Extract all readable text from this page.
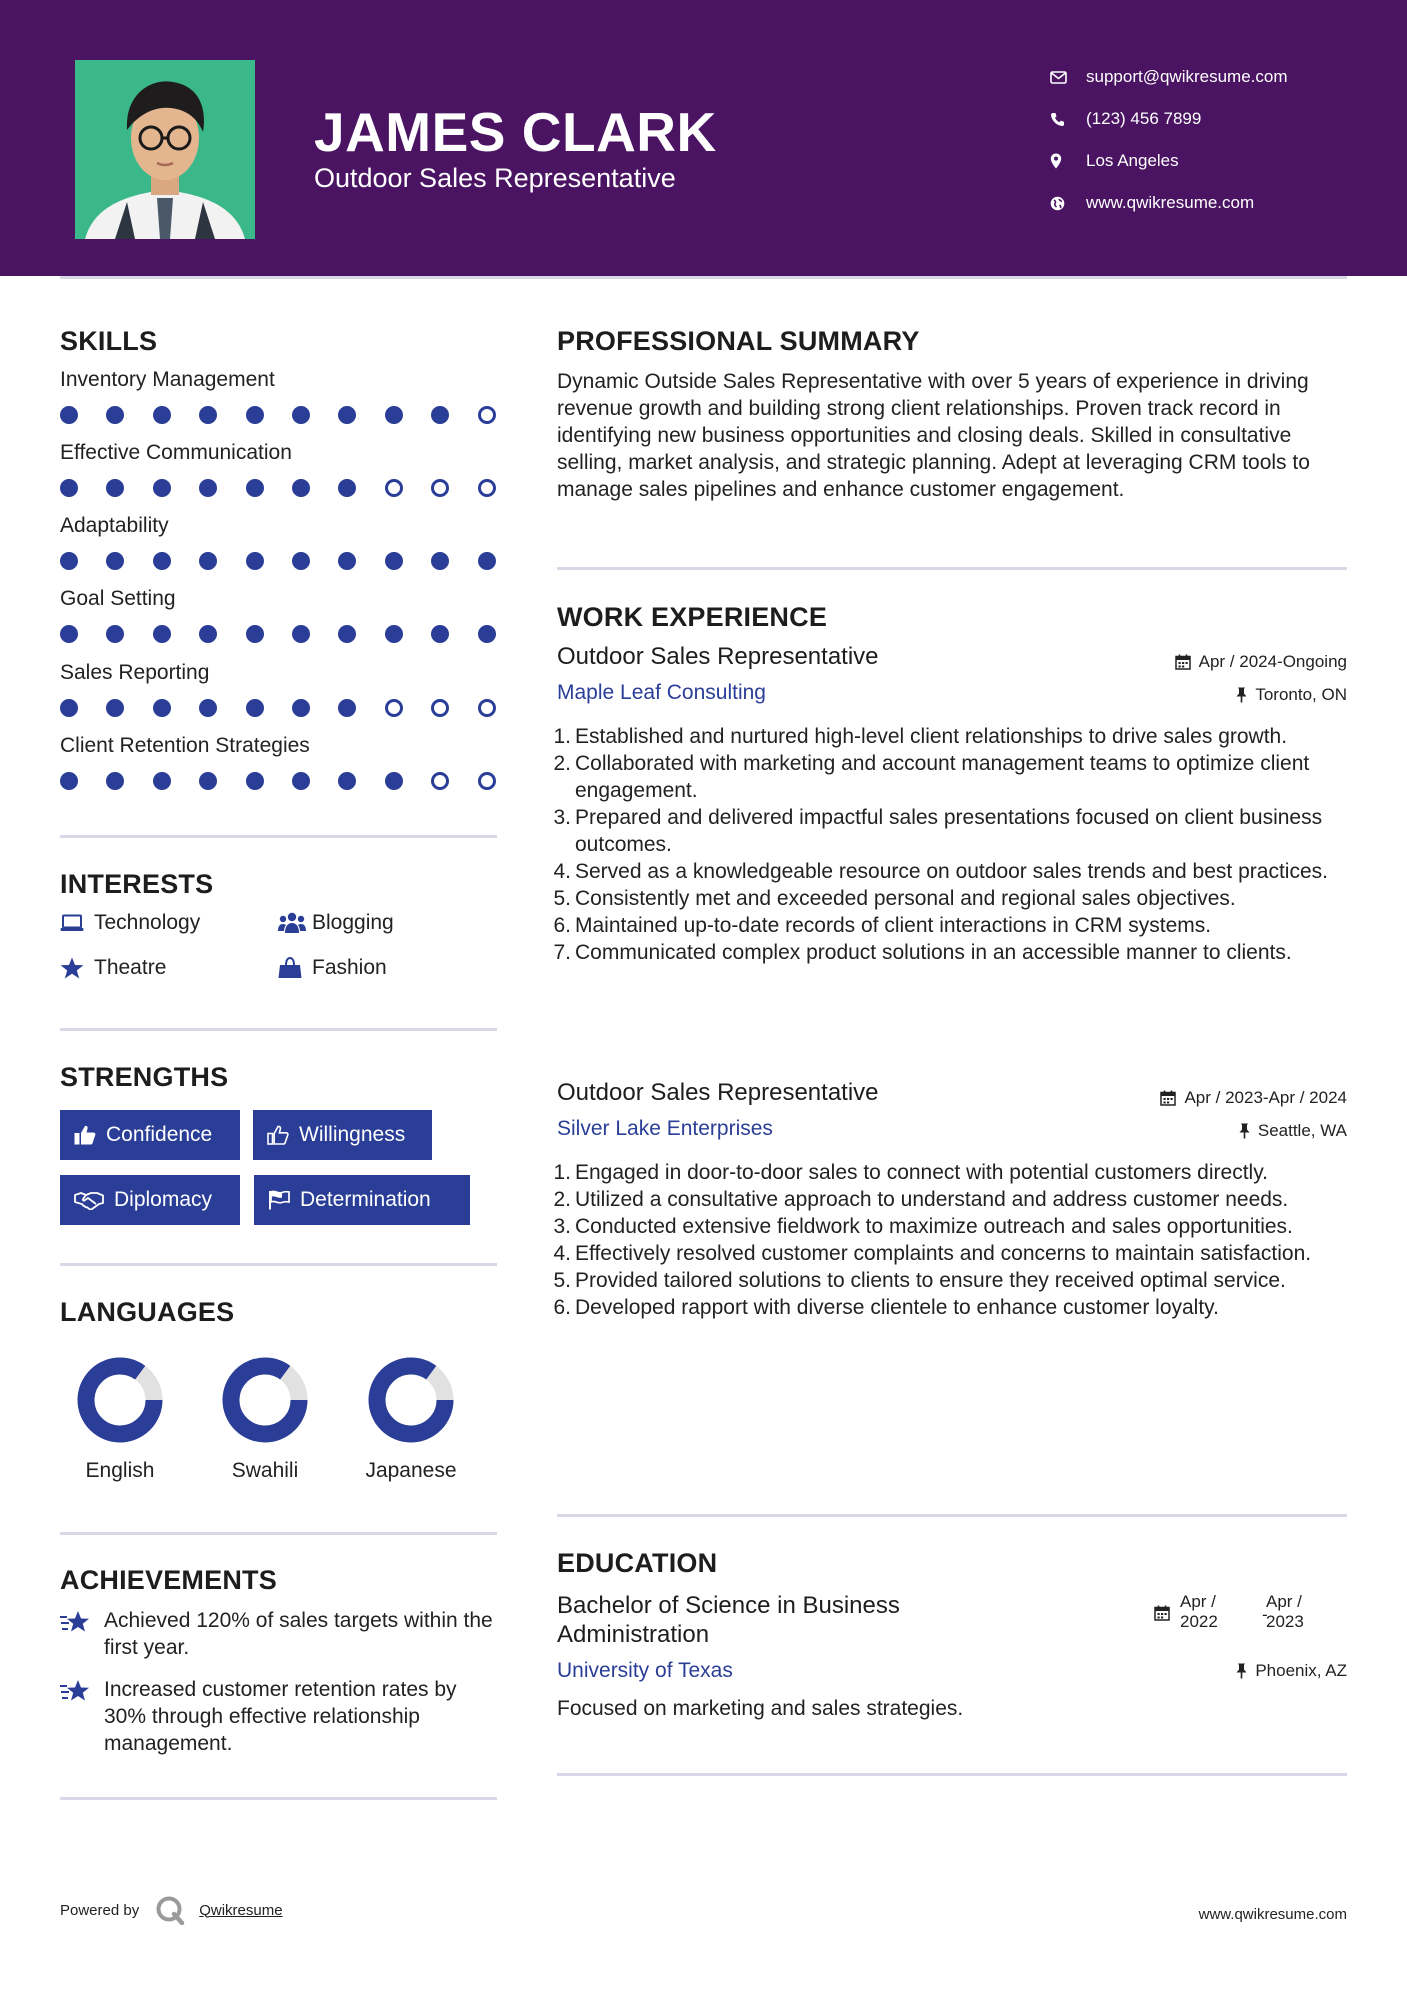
JAMES CLARK
Outdoor Sales Representative
support@qwikresume.com
(123) 456 7899
Los Angeles
www.qwikresume.com
SKILLS
Inventory Management
Effective Communication
Adaptability
Goal Setting
Sales Reporting
Client Retention Strategies
INTERESTS
Technology	Blogging
Theatre	Fashion
STRENGTHS
Confidence	Willingness
Diplomacy	Determination
LANGUAGES
English	Swahili	Japanese
ACHIEVEMENTS
Achieved 120% of sales targets within the first year.
Increased customer retention rates by 30% through effective relationship management.
PROFESSIONAL SUMMARY
Dynamic Outside Sales Representative with over 5 years of experience in driving revenue growth and building strong client relationships. Proven track record in identifying new business opportunities and closing deals. Skilled in consultative selling, market analysis, and strategic planning. Adept at leveraging CRM tools to manage sales pipelines and enhance customer engagement.
WORK EXPERIENCE
Outdoor Sales Representative	Apr / 2024-Ongoing
Maple Leaf Consulting	Toronto, ON
1. Established and nurtured high-level client relationships to drive sales growth.
2. Collaborated with marketing and account management teams to optimize client engagement.
3. Prepared and delivered impactful sales presentations focused on client business outcomes.
4. Served as a knowledgeable resource on outdoor sales trends and best practices.
5. Consistently met and exceeded personal and regional sales objectives.
6. Maintained up-to-date records of client interactions in CRM systems.
7. Communicated complex product solutions in an accessible manner to clients.
Outdoor Sales Representative	Apr / 2023-Apr / 2024
Silver Lake Enterprises	Seattle, WA
1. Engaged in door-to-door sales to connect with potential customers directly.
2. Utilized a consultative approach to understand and address customer needs.
3. Conducted extensive fieldwork to maximize outreach and sales opportunities.
4. Effectively resolved customer complaints and concerns to maintain satisfaction.
5. Provided tailored solutions to clients to ensure they received optimal service.
6. Developed rapport with diverse clientele to enhance customer loyalty.
EDUCATION
Bachelor of Science in Business
Administration
Apr /
2022	-
Apr /
2023
University of Texas	Phoenix, AZ
Focused on marketing and sales strategies.
Powered by	Qwikresume	www.qwikresume.com
